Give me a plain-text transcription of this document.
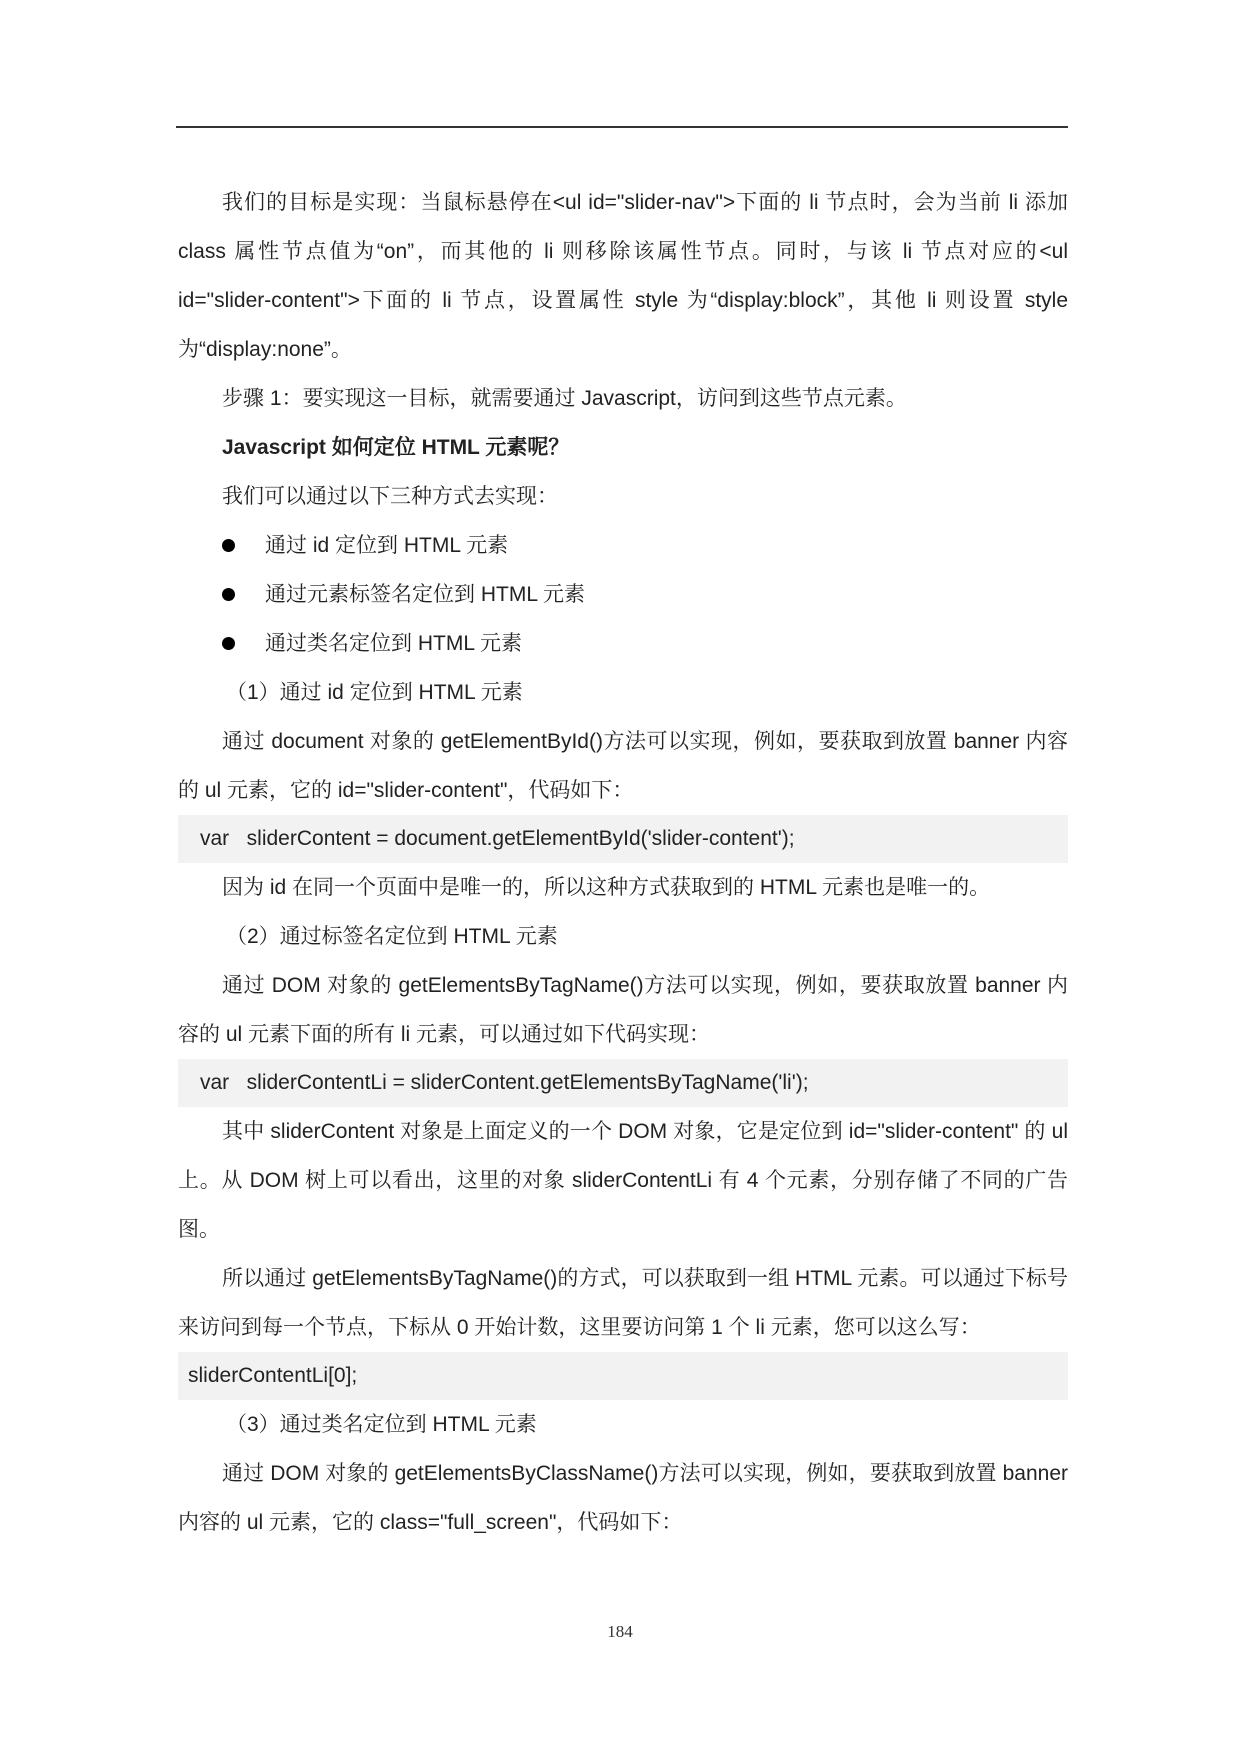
我们的目标是实现：当鼠标悬停在<ul id="slider-nav">下面的 li 节点时，会为当前 li 添加 class 属性节点值为“on”，而其他的 li 则移除该属性节点。同时，与该 li 节点对应的<ul id="slider-content">下面的 li 节点，设置属性 style 为“display:block”，其他 li 则设置 style 为“display:none”。

步骤 1：要实现这一目标，就需要通过 Javascript，访问到这些节点元素。

Javascript 如何定位 HTML 元素呢？

我们可以通过以下三种方式去实现：

通过 id 定位到 HTML 元素
通过元素标签名定位到 HTML 元素
通过类名定位到 HTML 元素

（1）通过 id 定位到 HTML 元素

通过 document 对象的 getElementById()方法可以实现，例如，要获取到放置 banner 内容的 ul 元素，它的 id="slider-content"，代码如下：

var   sliderContent = document.getElementById('slider-content');

因为 id 在同一个页面中是唯一的，所以这种方式获取到的 HTML 元素也是唯一的。

（2）通过标签名定位到 HTML 元素

通过 DOM 对象的 getElementsByTagName()方法可以实现，例如，要获取放置 banner 内容的 ul 元素下面的所有 li 元素，可以通过如下代码实现：

var   sliderContentLi = sliderContent.getElementsByTagName('li');

其中 sliderContent 对象是上面定义的一个 DOM 对象，它是定位到 id="slider-content" 的 ul 上。从 DOM 树上可以看出，这里的对象 sliderContentLi 有 4 个元素，分别存储了不同的广告图。

所以通过 getElementsByTagName()的方式，可以获取到一组 HTML 元素。可以通过下标号来访问到每一个节点，下标从 0 开始计数，这里要访问第 1 个 li 元素，您可以这么写：

sliderContentLi[0];

（3）通过类名定位到 HTML 元素

通过 DOM 对象的 getElementsByClassName()方法可以实现，例如，要获取到放置 banner 内容的 ul 元素，它的 class="full_screen"，代码如下：

184
